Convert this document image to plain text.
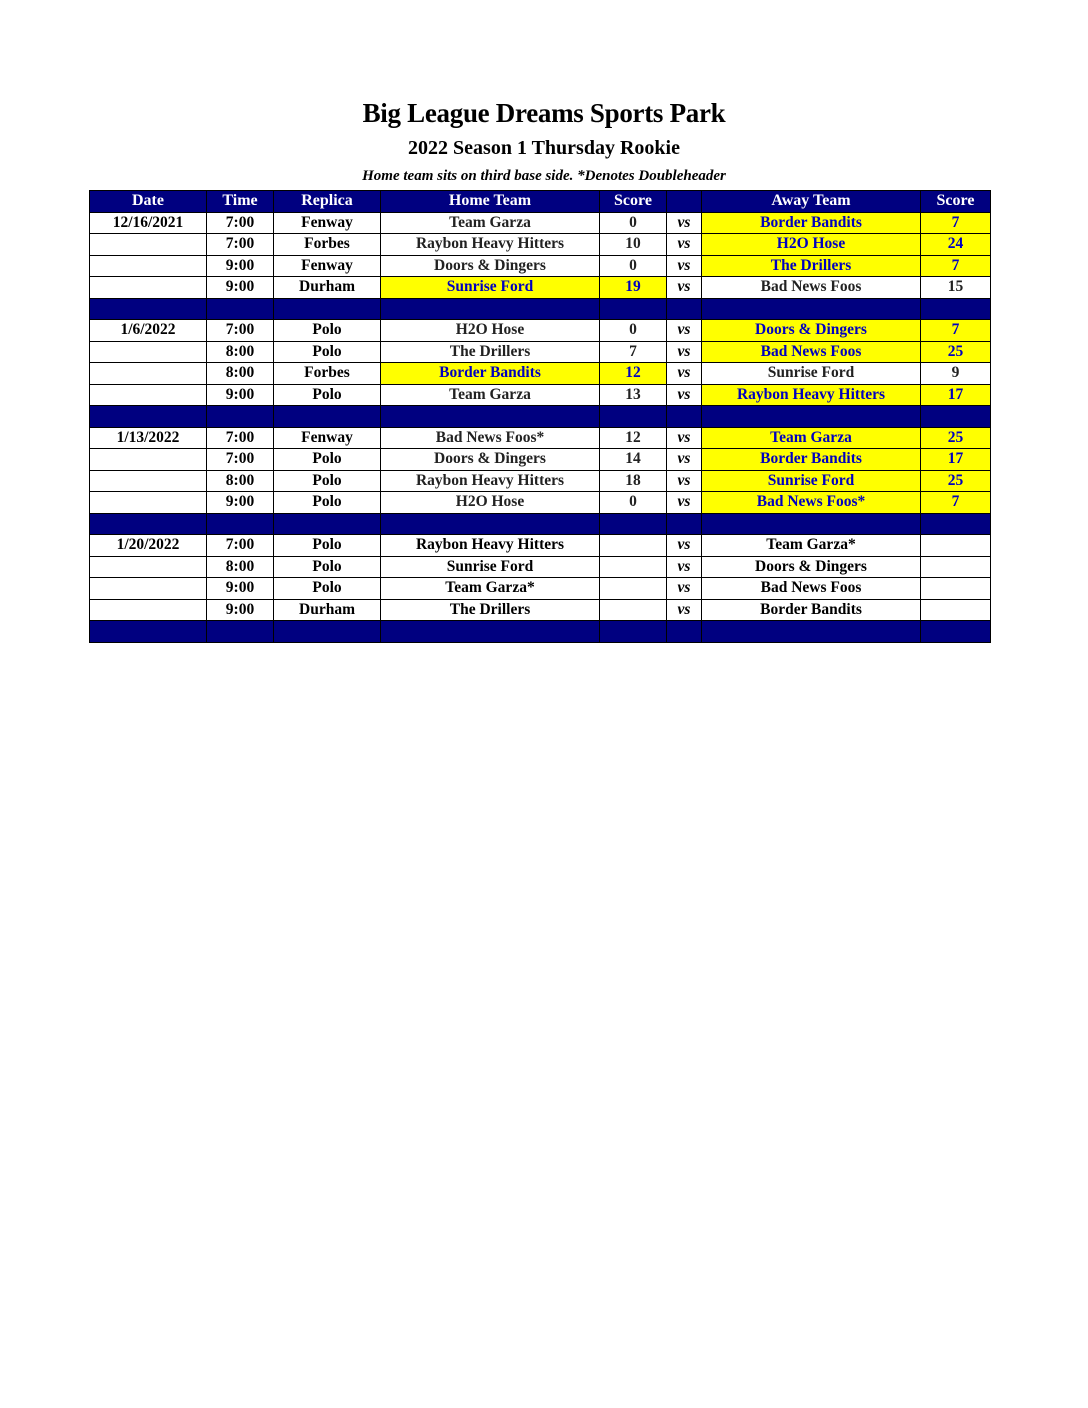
Big League Dreams Sports Park
2022 Season 1 Thursday Rookie
Home team sits on third base side. *Denotes Doubleheader
Date	Time	Replica	Home Team	Score		Away Team	Score
12/16/2021	7:00	Fenway	Team Garza	0	vs	Border Bandits	7
	7:00	Forbes	Raybon Heavy Hitters	10	vs	H2O Hose	24
	9:00	Fenway	Doors & Dingers	0	vs	The Drillers	7
	9:00	Durham	Sunrise Ford	19	vs	Bad News Foos	15

1/6/2022	7:00	Polo	H2O Hose	0	vs	Doors & Dingers	7
	8:00	Polo	The Drillers	7	vs	Bad News Foos	25
	8:00	Forbes	Border Bandits	12	vs	Sunrise Ford	9
	9:00	Polo	Team Garza	13	vs	Raybon Heavy Hitters	17

1/13/2022	7:00	Fenway	Bad News Foos*	12	vs	Team Garza	25
	7:00	Polo	Doors & Dingers	14	vs	Border Bandits	17
	8:00	Polo	Raybon Heavy Hitters	18	vs	Sunrise Ford	25
	9:00	Polo	H2O Hose	0	vs	Bad News Foos*	7

1/20/2022	7:00	Polo	Raybon Heavy Hitters		vs	Team Garza*	
	8:00	Polo	Sunrise Ford		vs	Doors & Dingers	
	9:00	Polo	Team Garza*		vs	Bad News Foos	
	9:00	Durham	The Drillers		vs	Border Bandits	
